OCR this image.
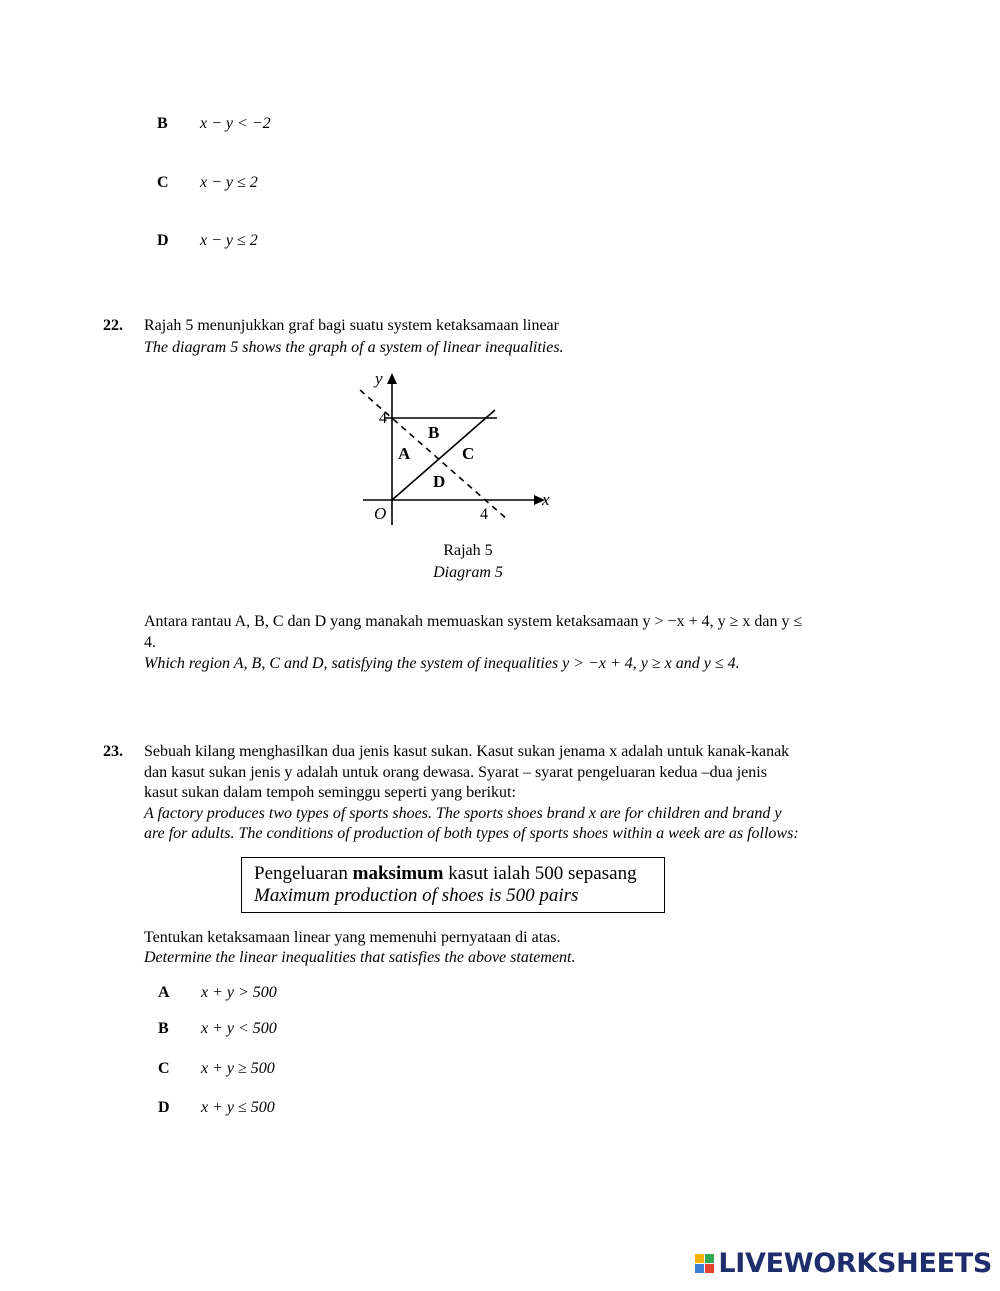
B x − y < −2
C x − y ≤ 2
D x − y ≤ 2
22. Rajah 5 menunjukkan graf bagi suatu system ketaksamaan linear
The diagram 5 shows the graph of a system of linear inequalities.
y
x
O
4
4
B
A	C
D
Rajah 5
Diagram 5
Antara rantau A, B, C dan D yang manakah memuaskan system ketaksamaan y > −x + 4, y ≥ x dan y ≤
4.
Which region A, B, C and D, satisfying the system of inequalities y > −x + 4, y ≥ x and y ≤ 4.
23. Sebuah kilang menghasilkan dua jenis kasut sukan. Kasut sukan jenama x adalah untuk kanak-kanak
dan kasut sukan jenis y adalah untuk orang dewasa. Syarat – syarat pengeluaran kedua –dua jenis
kasut sukan dalam tempoh seminggu seperti yang berikut:
A factory produces two types of sports shoes. The sports shoes brand x are for children and brand y
are for adults. The conditions of production of both types of sports shoes within a week are as follows:
Pengeluaran maksimum kasut ialah 500 sepasang
Maximum production of shoes is 500 pairs
Tentukan ketaksamaan linear yang memenuhi pernyataan di atas.
Determine the linear inequalities that satisfies the above statement.
A x + y > 500
B x + y < 500
C x + y ≥ 500
D x + y ≤ 500
LIVEWORKSHEETS
